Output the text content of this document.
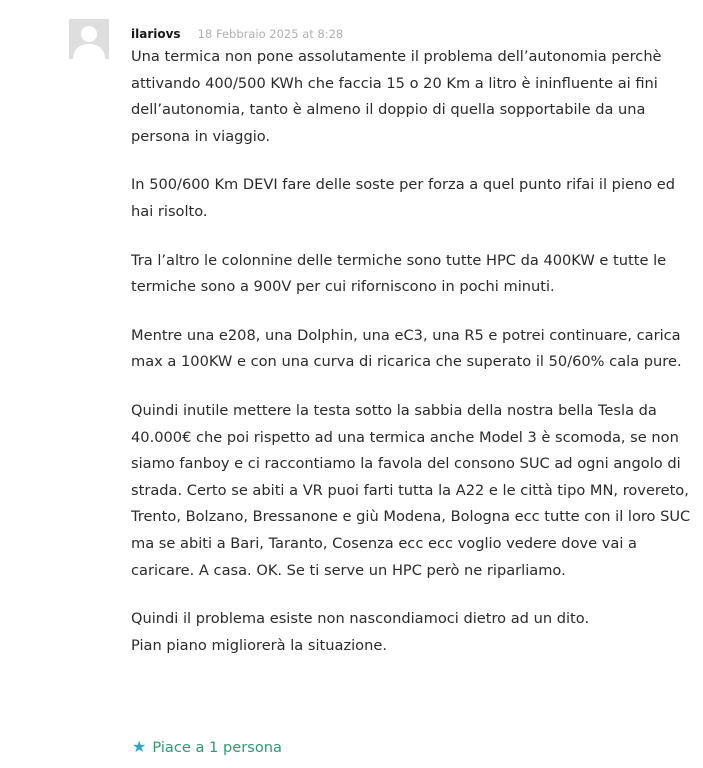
ilariovs 18 Febbraio 2025 at 8:28

Una termica non pone assolutamente il problema dell’autonomia perchè attivando 400/500 KWh che faccia 15 o 20 Km a litro è ininfluente ai fini dell’autonomia, tanto è almeno il doppio di quella sopportabile da una persona in viaggio.

In 500/600 Km DEVI fare delle soste per forza a quel punto rifai il pieno ed hai risolto.

Tra l’altro le colonnine delle termiche sono tutte HPC da 400KW e tutte le termiche sono a 900V per cui riforniscono in pochi minuti.

Mentre una e208, una Dolphin, una eC3, una R5 e potrei continuare, carica max a 100KW e con una curva di ricarica che superato il 50/60% cala pure.

Quindi inutile mettere la testa sotto la sabbia della nostra bella Tesla da 40.000€ che poi rispetto ad una termica anche Model 3 è scomoda, se non siamo fanboy e ci raccontiamo la favola del consono SUC ad ogni angolo di strada. Certo se abiti a VR puoi farti tutta la A22 e le città tipo MN, rovereto, Trento, Bolzano, Bressanone e giù Modena, Bologna ecc tutte con il loro SUC ma se abiti a Bari, Taranto, Cosenza ecc ecc voglio vedere dove vai a caricare. A casa. OK. Se ti serve un HPC però ne riparliamo.

Quindi il problema esiste non nascondiamoci dietro ad un dito.
Pian piano migliorerà la situazione.

★ Piace a 1 persona
